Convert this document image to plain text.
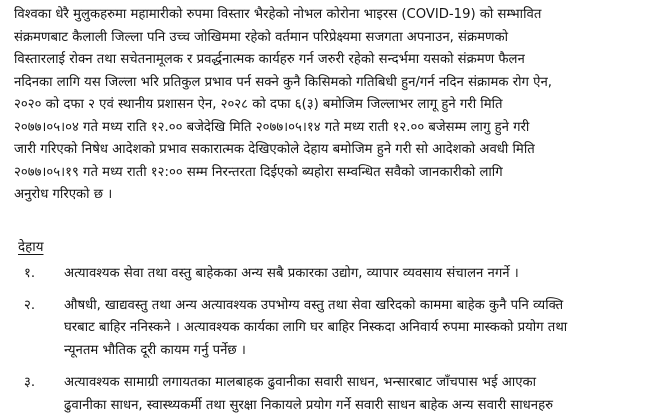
विश्वका धेरै मुलुकहरुमा महामारीको रुपमा विस्तार भैरहेको नोभल कोरोना भाइरस (COVID-19) को सम्भावित
संक्रमणबाट कैलाली जिल्ला पनि उच्च जोखिममा रहेको वर्तमान परिप्रेक्ष्यमा सजगता अपनाउन, संक्रमणको
विस्तारलाई रोक्न तथा सचेतनामूलक र प्रवर्द्धनात्मक कार्यहरु गर्न जरुरी रहेको सन्दर्भमा यसको संक्रमण फैलन
नदिनका लागि यस जिल्ला भरि प्रतिकुल प्रभाव पर्न सक्ने कुनै किसिमको गतिबिधी हुन/गर्न नदिन संक्रामक रोग ऐन,
२०२० को दफा २ एवं स्थानीय प्रशासन ऐन, २०२८ को दफा ६(३) बमोजिम जिल्लाभर लागू हुने गरी मिति
२०७७।०५।०४ गते मध्य राति १२.०० बजेदेखि मिति २०७७।०५।१४ गते मध्य राती १२.०० बजेसम्म लागु हुने गरी
जारी गरिएको निषेध आदेशको प्रभाव सकारात्मक देखिएकोले देहाय बमोजिम हुने गरी सो आदेशको अवधी मिति
२०७७।०५।१९ गते मध्य राती १२:०० सम्म निरन्तरता दिईएको ब्यहोरा सम्वन्धित सवैको जानकारीको लागि
अनुरोध गरिएको छ ।
देहाय
१.	अत्यावश्यक सेवा तथा वस्तु बाहेकका अन्य सबै प्रकारका उद्योग, व्यापार व्यवसाय संचालन नगर्ने ।
२.	औषधी, खाद्यवस्तु तथा अन्य अत्यावश्यक उपभोग्य वस्तु तथा सेवा खरिदको काममा बाहेक कुनै पनि व्यक्ति
घरबाट बाहिर ननिस्कने । अत्यावश्यक कार्यका लागि घर बाहिर निस्कदा अनिवार्य रुपमा मास्कको प्रयोग तथा
न्यूनतम भौतिक दूरी कायम गर्नु पर्नेछ ।
३.	अत्यावश्यक सामाग्री लगायतका मालबाहक ढुवानीका सवारी साधन, भन्सारबाट जाँचपास भई आएका
ढुवानीका साधन, स्वास्थ्यकर्मी तथा सुरक्षा निकायले प्रयोग गर्ने सवारी साधन बाहेक अन्य सवारी साधनहरु
